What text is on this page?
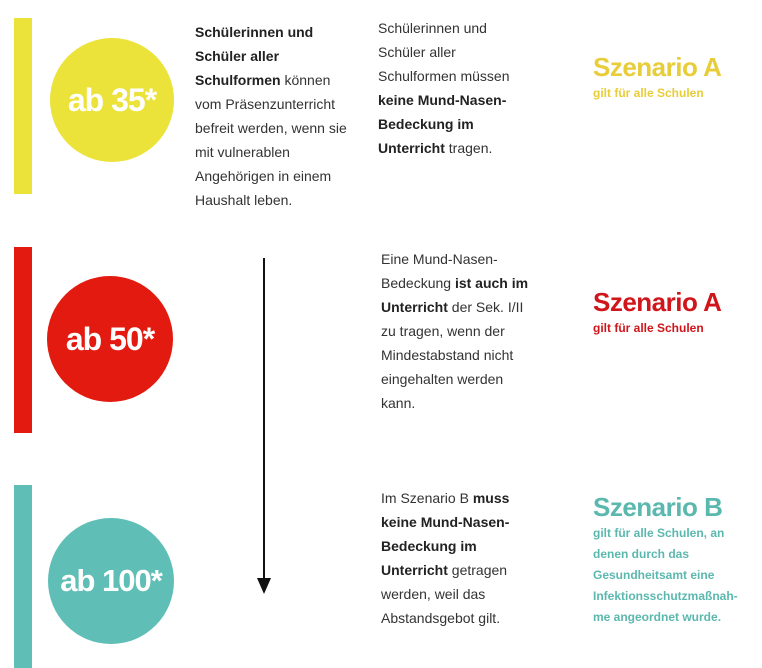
ab 35*
Schülerinnen und Schüler aller Schulformen können vom Präsenzunterricht befreit werden, wenn sie mit vulnerablen Angehörigen in einem Haushalt leben.
Schülerinnen und Schüler aller Schulformen müssen keine Mund-Nasen-Bedeckung im Unterricht tragen.
Szenario A
gilt für alle Schulen
ab 50*
Eine Mund-Nasen-Bedeckung ist auch im Unterricht der Sek. I/II zu tragen, wenn der Mindestabstand nicht eingehalten werden kann.
Szenario A
gilt für alle Schulen
ab 100*
Im Szenario B muss keine Mund-Nasen-Bedeckung im Unterricht getragen werden, weil das Abstandsgebot gilt.
Szenario B
gilt für alle Schulen, an denen durch das Gesundheitsamt eine Infektionsschutzmaßnah-me angeordnet wurde.
